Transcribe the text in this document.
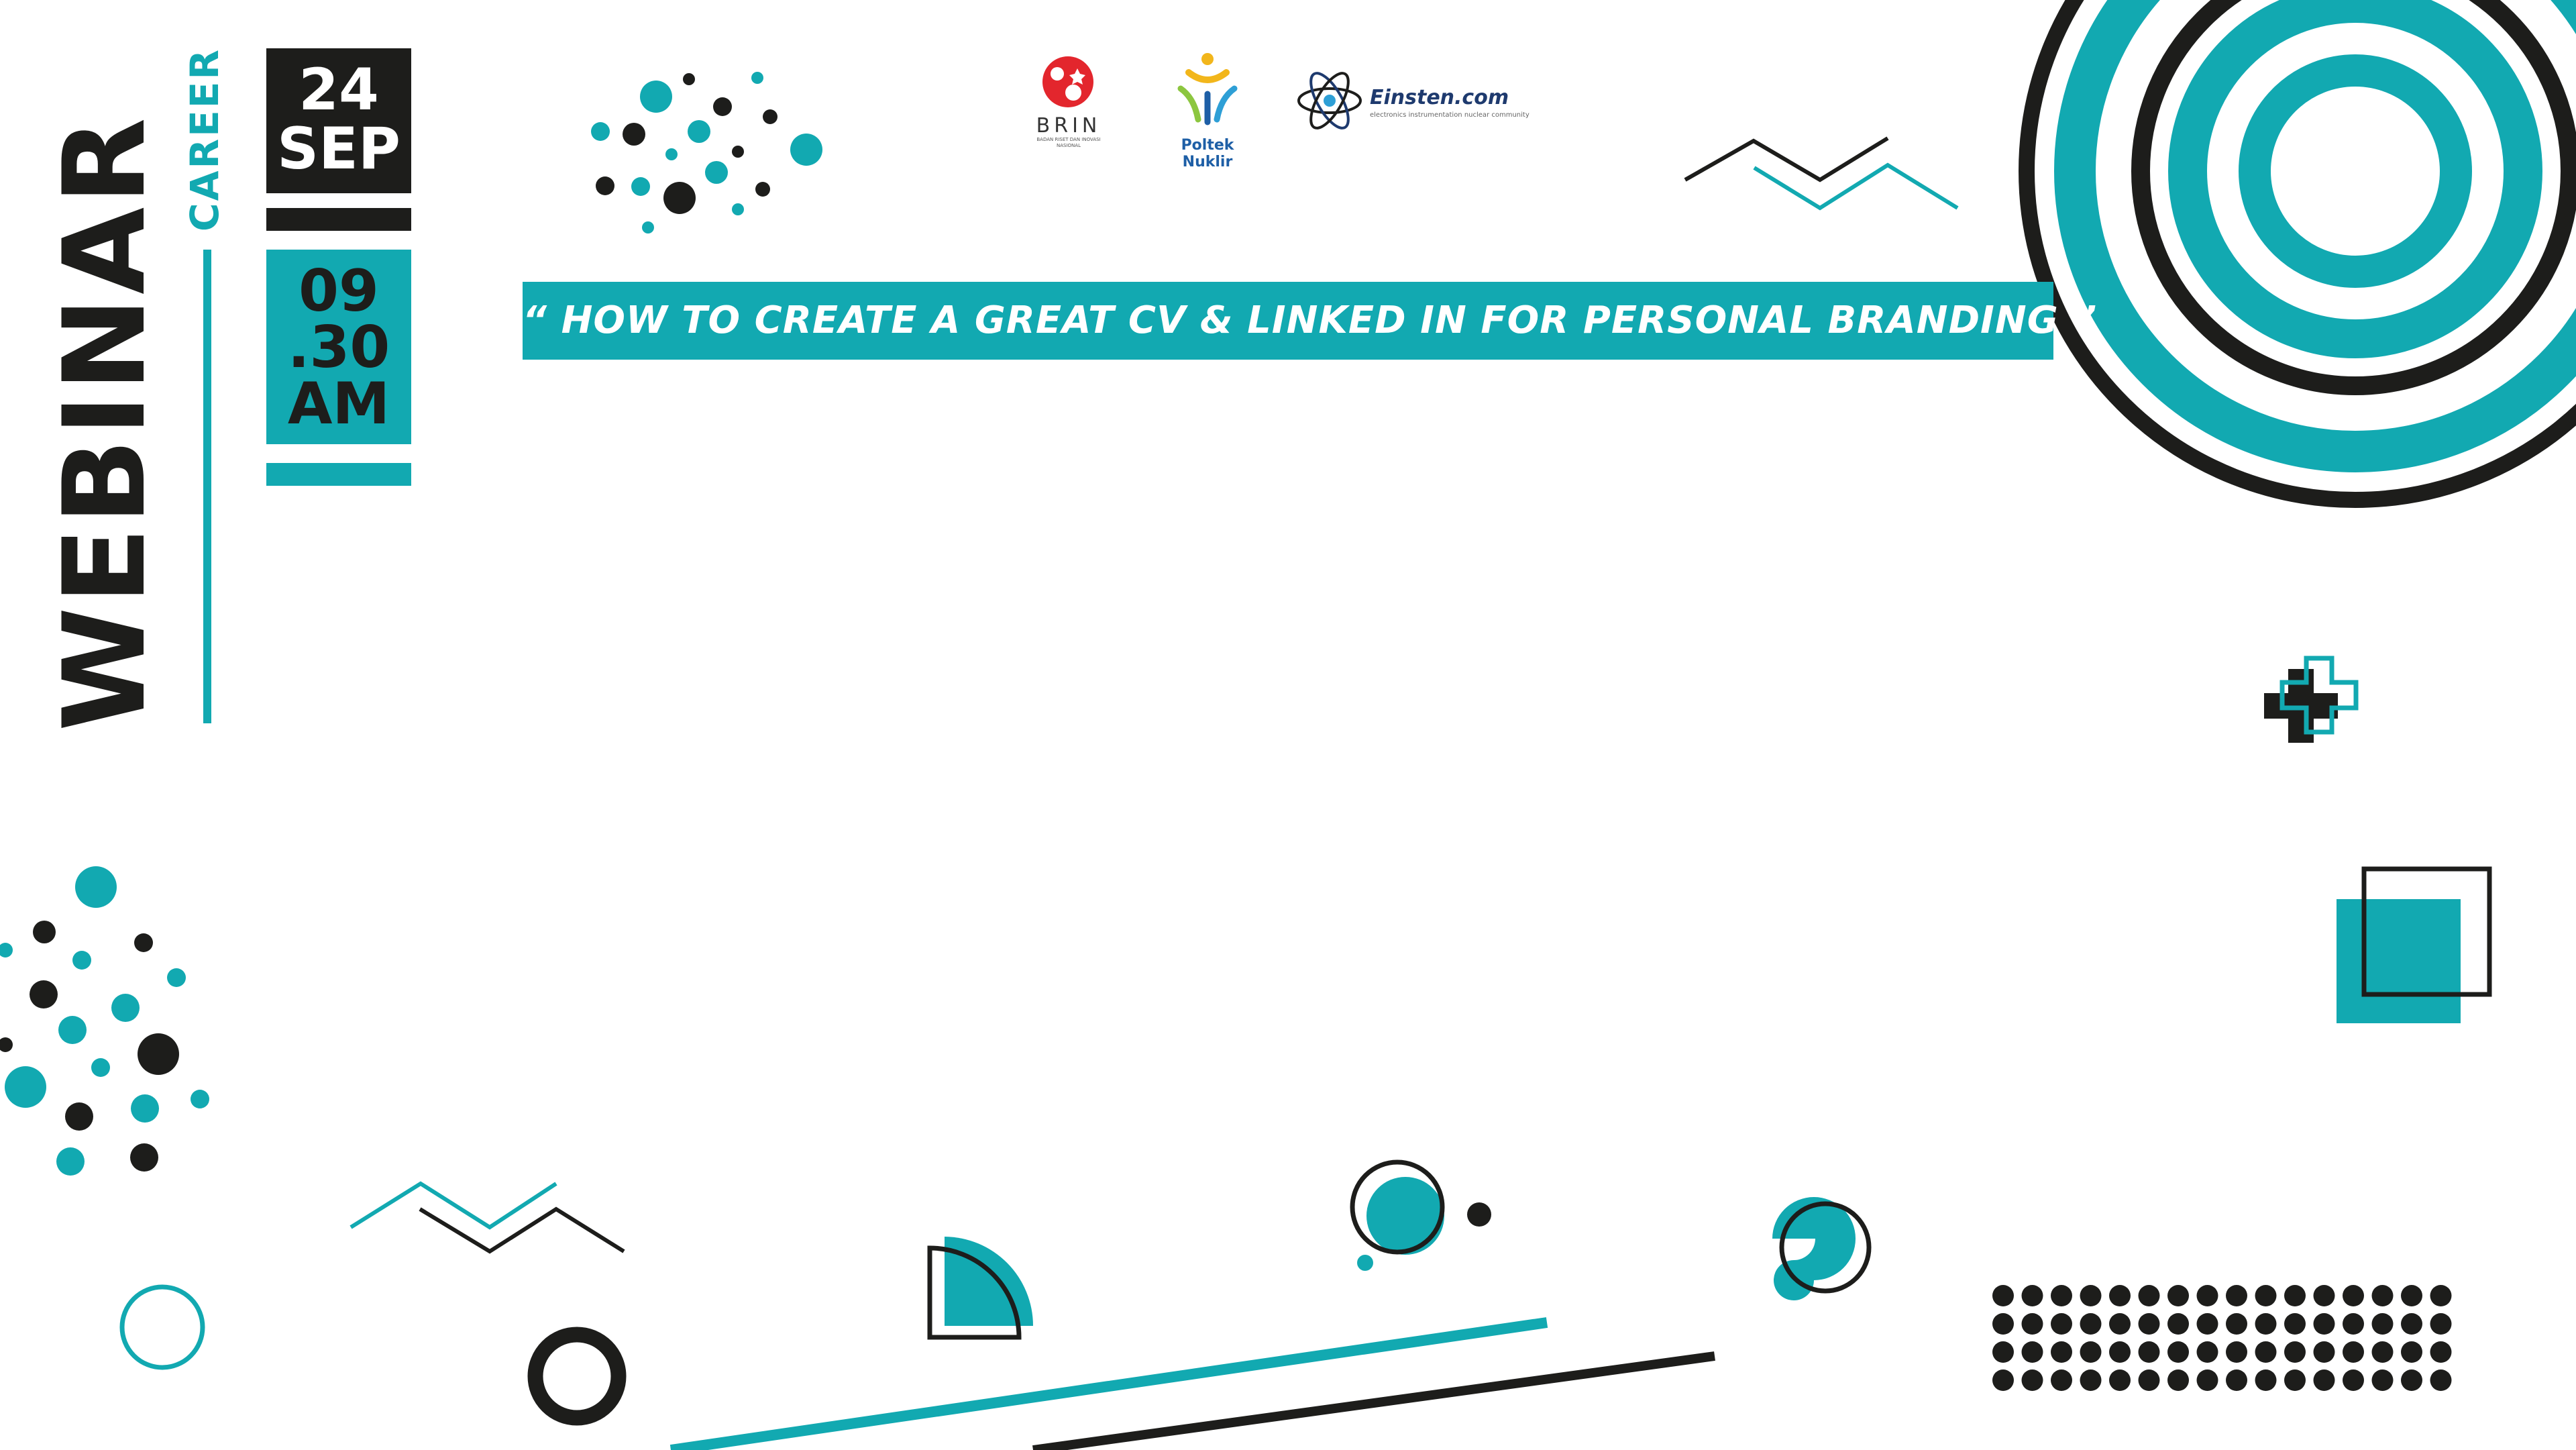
WEBINAR CAREER	24
SEP
09
.30
AM
“ HOW TO CREATE A GREAT CV & LINKED IN FOR PERSONAL BRANDING ”
BRIN
BADAN RISET DAN INOVASI NASIONAL	Poltek Nuklir
Einsten.com
electronics instrumentation nuclear community
